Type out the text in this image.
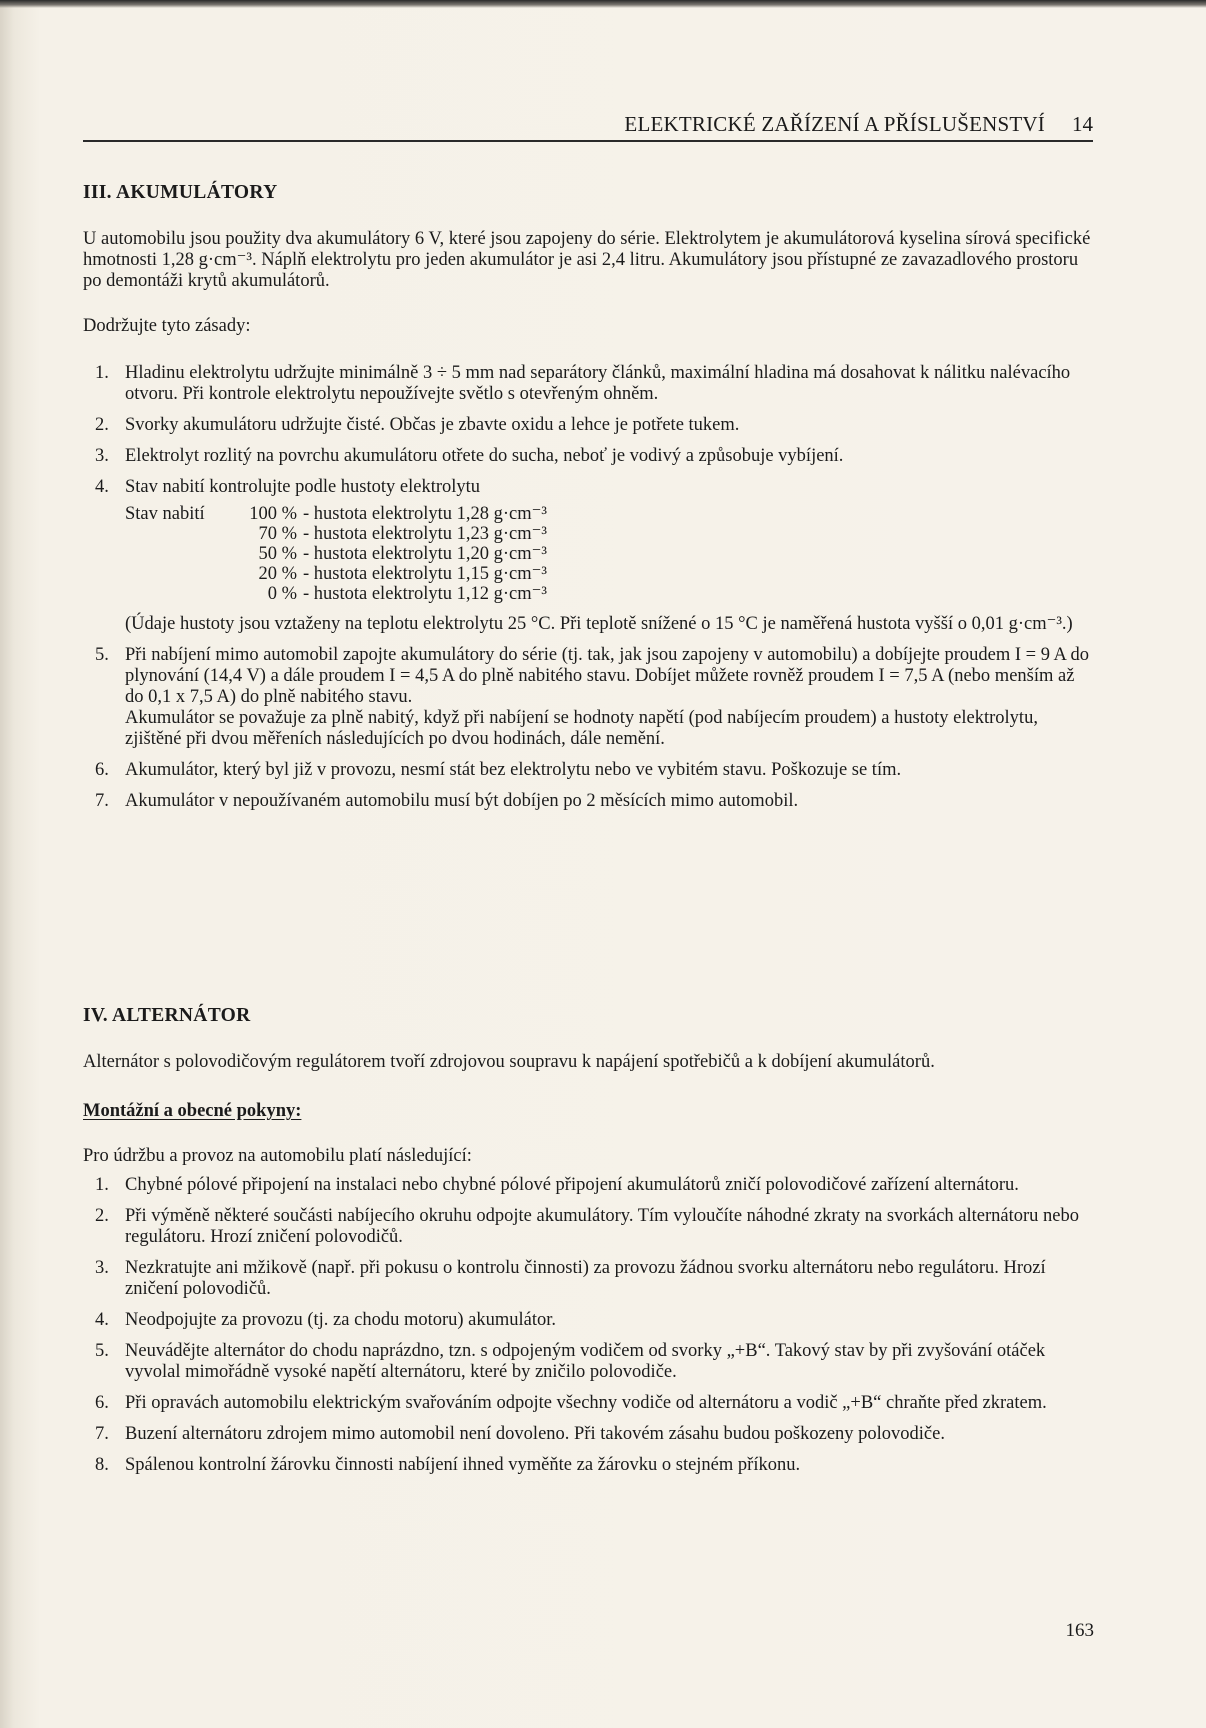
ELEKTRICKÉ ZAŘÍZENÍ A PŘÍSLUŠENSTVÍ 14
III. AKUMULÁTORY

U automobilu jsou použity dva akumulátory 6 V, které jsou zapojeny do série. Elektrolytem je akumulátorová kyselina sírová specifické hmotnosti 1,28 g·cm⁻³. Náplň elektrolytu pro jeden akumulátor je asi 2,4 litru. Akumulátory jsou přístupné ze zavazadlového prostoru po demontáži krytů akumulátorů.

Dodržujte tyto zásady:

1. Hladinu elektrolytu udržujte minimálně 3 ÷ 5 mm nad separátory článků, maximální hladina má dosahovat k nálitku nalévacího otvoru. Při kontrole elektrolytu nepoužívejte světlo s otevřeným ohněm.
2. Svorky akumulátoru udržujte čisté. Občas je zbavte oxidu a lehce je potřete tukem.
3. Elektrolyt rozlitý na povrchu akumulátoru otřete do sucha, neboť je vodivý a způsobuje vybíjení.
4. Stav nabití kontrolujte podle hustoty elektrolytu
Stav nabití	100 % - hustota elektrolytu 1,28 g·cm⁻³
70 % - hustota elektrolytu 1,23 g·cm⁻³
50 % - hustota elektrolytu 1,20 g·cm⁻³
20 % - hustota elektrolytu 1,15 g·cm⁻³
0 % - hustota elektrolytu 1,12 g·cm⁻³

(Údaje hustoty jsou vztaženy na teplotu elektrolytu 25 °C. Při teplotě snížené o 15 °C je naměřená hustota vyšší o 0,01 g·cm⁻³.)

5. Při nabíjení mimo automobil zapojte akumulátory do série (tj. tak, jak jsou zapojeny v automobilu) a dobíjejte proudem I = 9 A do plynování (14,4 V) a dále proudem I = 4,5 A do plně nabitého stavu. Dobíjet můžete rovněž proudem I = 7,5 A (nebo menším až do 0,1 x 7,5 A) do plně nabitého stavu.
Akumulátor se považuje za plně nabitý, když při nabíjení se hodnoty napětí (pod nabíjecím proudem) a hustoty elektrolytu, zjištěné při dvou měřeních následujících po dvou hodinách, dále nemění.
6. Akumulátor, který byl již v provozu, nesmí stát bez elektrolytu nebo ve vybitém stavu. Poškozuje se tím.
7. Akumulátor v nepoužívaném automobilu musí být dobíjen po 2 měsících mimo automobil.
IV. ALTERNÁTOR

Alternátor s polovodičovým regulátorem tvoří zdrojovou soupravu k napájení spotřebičů a k dobíjení akumulátorů.

Montážní a obecné pokyny:

Pro údržbu a provoz na automobilu platí následující:

1. Chybné pólové připojení na instalaci nebo chybné pólové připojení akumulátorů zničí polovodičové zařízení alternátoru.
2. Při výměně některé součásti nabíjecího okruhu odpojte akumulátory. Tím vyloučíte náhodné zkraty na svorkách alternátoru nebo regulátoru. Hrozí zničení polovodičů.
3. Nezkratujte ani mžikově (např. při pokusu o kontrolu činnosti) za provozu žádnou svorku alternátoru nebo regulátoru. Hrozí zničení polovodičů.
4. Neodpojujte za provozu (tj. za chodu motoru) akumulátor.
5. Neuvádějte alternátor do chodu naprázdno, tzn. s odpojeným vodičem od svorky „+B“. Takový stav by při zvyšování otáček vyvolal mimořádně vysoké napětí alternátoru, které by zničilo polovodiče.
6. Při opravách automobilu elektrickým svařováním odpojte všechny vodiče od alternátoru a vodič „+B“ chraňte před zkratem.
7. Buzení alternátoru zdrojem mimo automobil není dovoleno. Při takovém zásahu budou poškozeny polovodiče.
8. Spálenou kontrolní žárovku činnosti nabíjení ihned vyměňte za žárovku o stejném příkonu.
163
